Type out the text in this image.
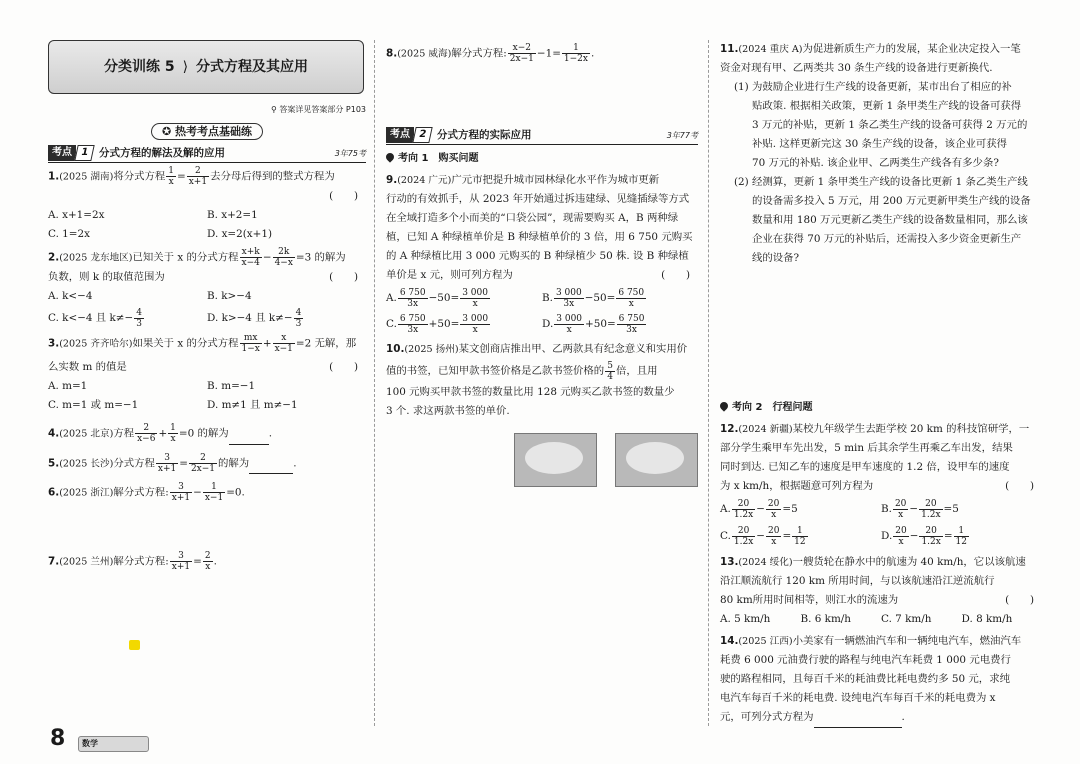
分类训练 5 ⟩ 分式方程及其应用
⚲ 答案详见答案部分 P103
✪ 热考考点基础练
考点 1 分式方程的解法及解的应用	3年75考
1.(2025 湖南)将分式方程 $\frac{1}{x} = \frac{2}{x+1}$ 去分母后得到的整式方程为
(　　)
A. x+1=2x	B. x+2=1
C. 1=2x	D. x=2(x+1)
2.(2025 龙东地区)已知关于 x 的分式方程 $\frac{x+k}{x-4} - \frac{2k}{4-x} =3$ 的解为
负数，则 k 的取值范围为	(　　)
A. k<−4	B. k>−4
C. k<−4 且 $k\ne- \frac{4}{3}$	D. k>−4 且 $k\ne- \frac{4}{3}$
3.(2025 齐齐哈尔)如果关于 x 的分式方程 $\frac{mx}{1-x} + \frac{x}{x-1} =2$ 无解，那
么实数 m 的值是	(　　)
A. m=1	B. m=−1
C. m=1 或 m=−1	D. m≠1 且 m≠−1
4.(2025 北京)方程 $\frac{2}{x-6} + \frac{1}{x} =0$ 的解为	.
5.(2025 长沙)分式方程 $\frac{3}{x+1} = \frac{2}{2x-1}$ 的解为	.
6.(2025 浙江)解分式方程: $\frac{3}{x+1} - \frac{1}{x-1} =0$.
7.(2025 兰州)解分式方程: $\frac{3}{x+1} = \frac{2}{x}$ .
8.(2025 威海)解分式方程: $\frac{x-2}{2x-1} -1= \frac{1}{1-2x}$ .
考点 2 分式方程的实际应用	3年77考
考向 1　购买问题
9.(2024 广元)广元市把提升城市园林绿化水平作为城市更新
行动的有效抓手，从 2023 年开始通过拆违建绿、见缝插绿等方式
在全域打造多个小而美的“口袋公园”，现需要购买 A，B 两种绿
植，已知 A 种绿植单价是 B 种绿植单价的 3 倍，用 6 750 元购买
的 A 种绿植比用 3 000 元购买的 B 种绿植少 50 株. 设 B 种绿植
单价是 x 元，则可列方程为	(　　)
A. $\frac{6 750}{3x} -50= \frac{3 000}{x}$	B. $\frac{3 000}{3x} -50= \frac{6 750}{x}$
C. $\frac{6 750}{3x} +50= \frac{3 000}{x}$	D. $\frac{3 000}{x} +50= \frac{6 750}{3x}$
10.(2025 扬州)某文创商店推出甲、乙两款具有纪念意义和实用价
值的书签，已知甲款书签价格是乙款书签价格的 $\frac{5}{4}$ 倍，且用
100 元购买甲款书签的数量比用 128 元购买乙款书签的数量少
3 个. 求这两款书签的单价.
11.(2024 重庆 A)为促进新质生产力的发展，某企业决定投入一笔
资金对现有甲、乙两类共 30 条生产线的设备进行更新换代.
(1) 为鼓励企业进行生产线的设备更新，某市出台了相应的补
贴政策. 根据相关政策，更新 1 条甲类生产线的设备可获得
3 万元的补贴，更新 1 条乙类生产线的设备可获得 2 万元的
补贴. 这样更新完这 30 条生产线的设备，该企业可获得
70 万元的补贴. 该企业甲、乙两类生产线各有多少条?
(2) 经测算，更新 1 条甲类生产线的设备比更新 1 条乙类生产线
的设备需多投入 5 万元，用 200 万元更新甲类生产线的设备
数量和用 180 万元更新乙类生产线的设备数量相同，那么该
企业在获得 70 万元的补贴后，还需投入多少资金更新生产
线的设备?
考向 2　行程问题
12.(2024 新疆)某校九年级学生去距学校 20 km 的科技馆研学，一
部分学生乘甲车先出发，5 min 后其余学生再乘乙车出发，结果
同时到达. 已知乙车的速度是甲车速度的 1.2 倍，设甲车的速度
为 x km/h，根据题意可列方程为	(　　)
A. $\frac{20}{1.2x} - \frac{20}{x} =5$	B. $\frac{20}{x} - \frac{20}{1.2x} =5$
C. $\frac{20}{1.2x} - \frac{20}{x} = \frac{1}{12}$	D. $\frac{20}{x} - \frac{20}{1.2x} = \frac{1}{12}$
13.(2024 绥化)一艘货轮在静水中的航速为 40 km/h，它以该航速
沿江顺流航行 120 km 所用时间，与以该航速沿江逆流航行
80 km所用时间相等，则江水的流速为	(　　)
A. 5 km/h	B. 6 km/h	C. 7 km/h	D. 8 km/h
14.(2025 江西)小美家有一辆燃油汽车和一辆纯电汽车，燃油汽车
耗费 6 000 元油费行驶的路程与纯电汽车耗费 1 000 元电费行
驶的路程相同，且每百千米的耗油费比耗电费约多 50 元，求纯
电汽车每百千米的耗电费. 设纯电汽车每百千米的耗电费为 x
元，可列分式方程为	.
8	数学
